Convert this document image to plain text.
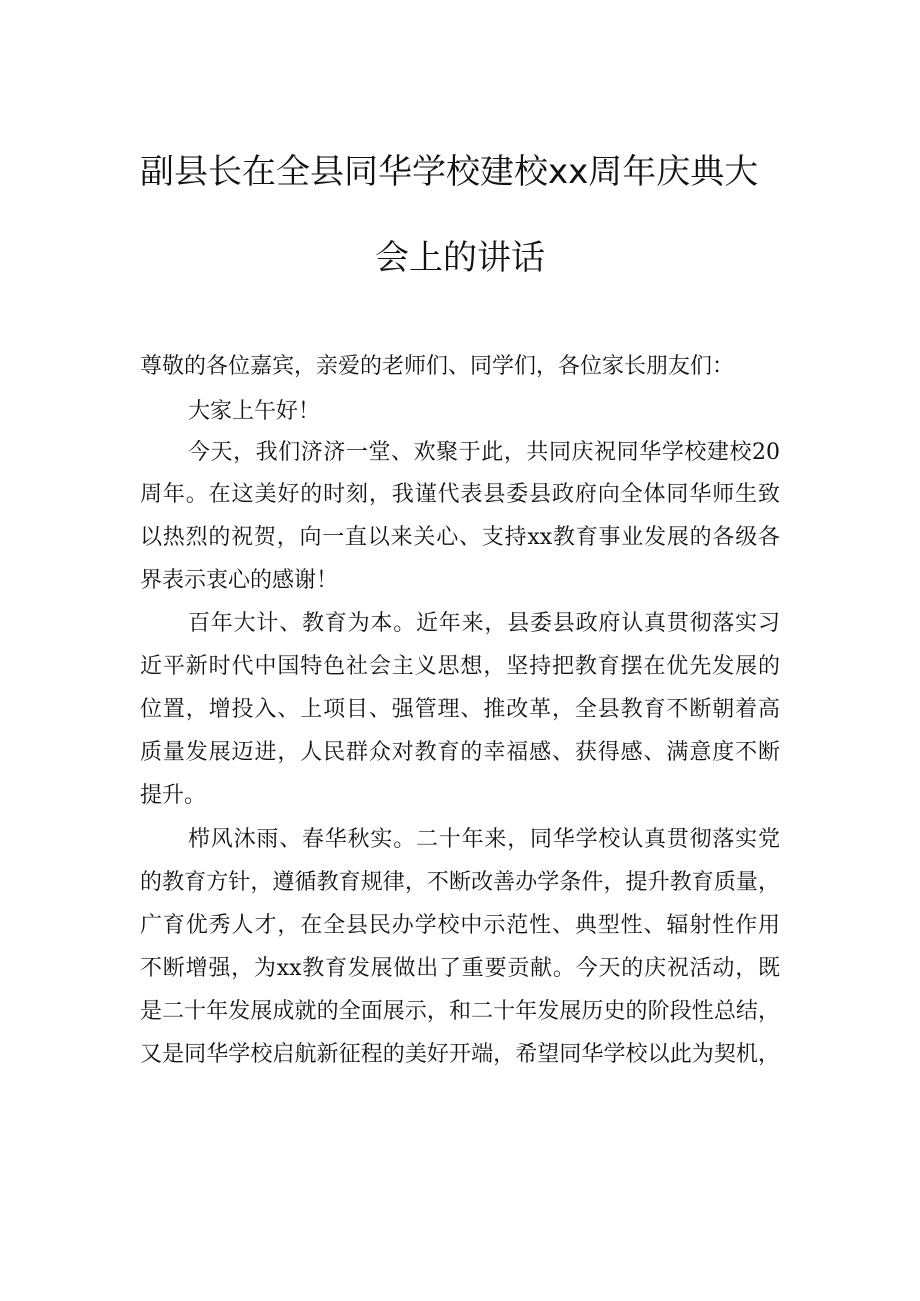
副县长在全县同华学校建校xx周年庆典大
会上的讲话
尊敬的各位嘉宾，亲爱的老师们、同学们，各位家长朋友们：
大家上午好！
今天，我们济济一堂、欢聚于此，共同庆祝同华学校建校20
周年。在这美好的时刻，我谨代表县委县政府向全体同华师生致
以热烈的祝贺，向一直以来关心、支持xx教育事业发展的各级各
界表示衷心的感谢！
百年大计、教育为本。近年来，县委县政府认真贯彻落实习
近平新时代中国特色社会主义思想，坚持把教育摆在优先发展的
位置，增投入、上项目、强管理、推改革，全县教育不断朝着高
质量发展迈进，人民群众对教育的幸福感、获得感、满意度不断
提升。
栉风沐雨、春华秋实。二十年来，同华学校认真贯彻落实党
的教育方针，遵循教育规律，不断改善办学条件，提升教育质量，
广育优秀人才，在全县民办学校中示范性、典型性、辐射性作用
不断增强，为xx教育发展做出了重要贡献。今天的庆祝活动，既
是二十年发展成就的全面展示，和二十年发展历史的阶段性总结，
又是同华学校启航新征程的美好开端，希望同华学校以此为契机，
